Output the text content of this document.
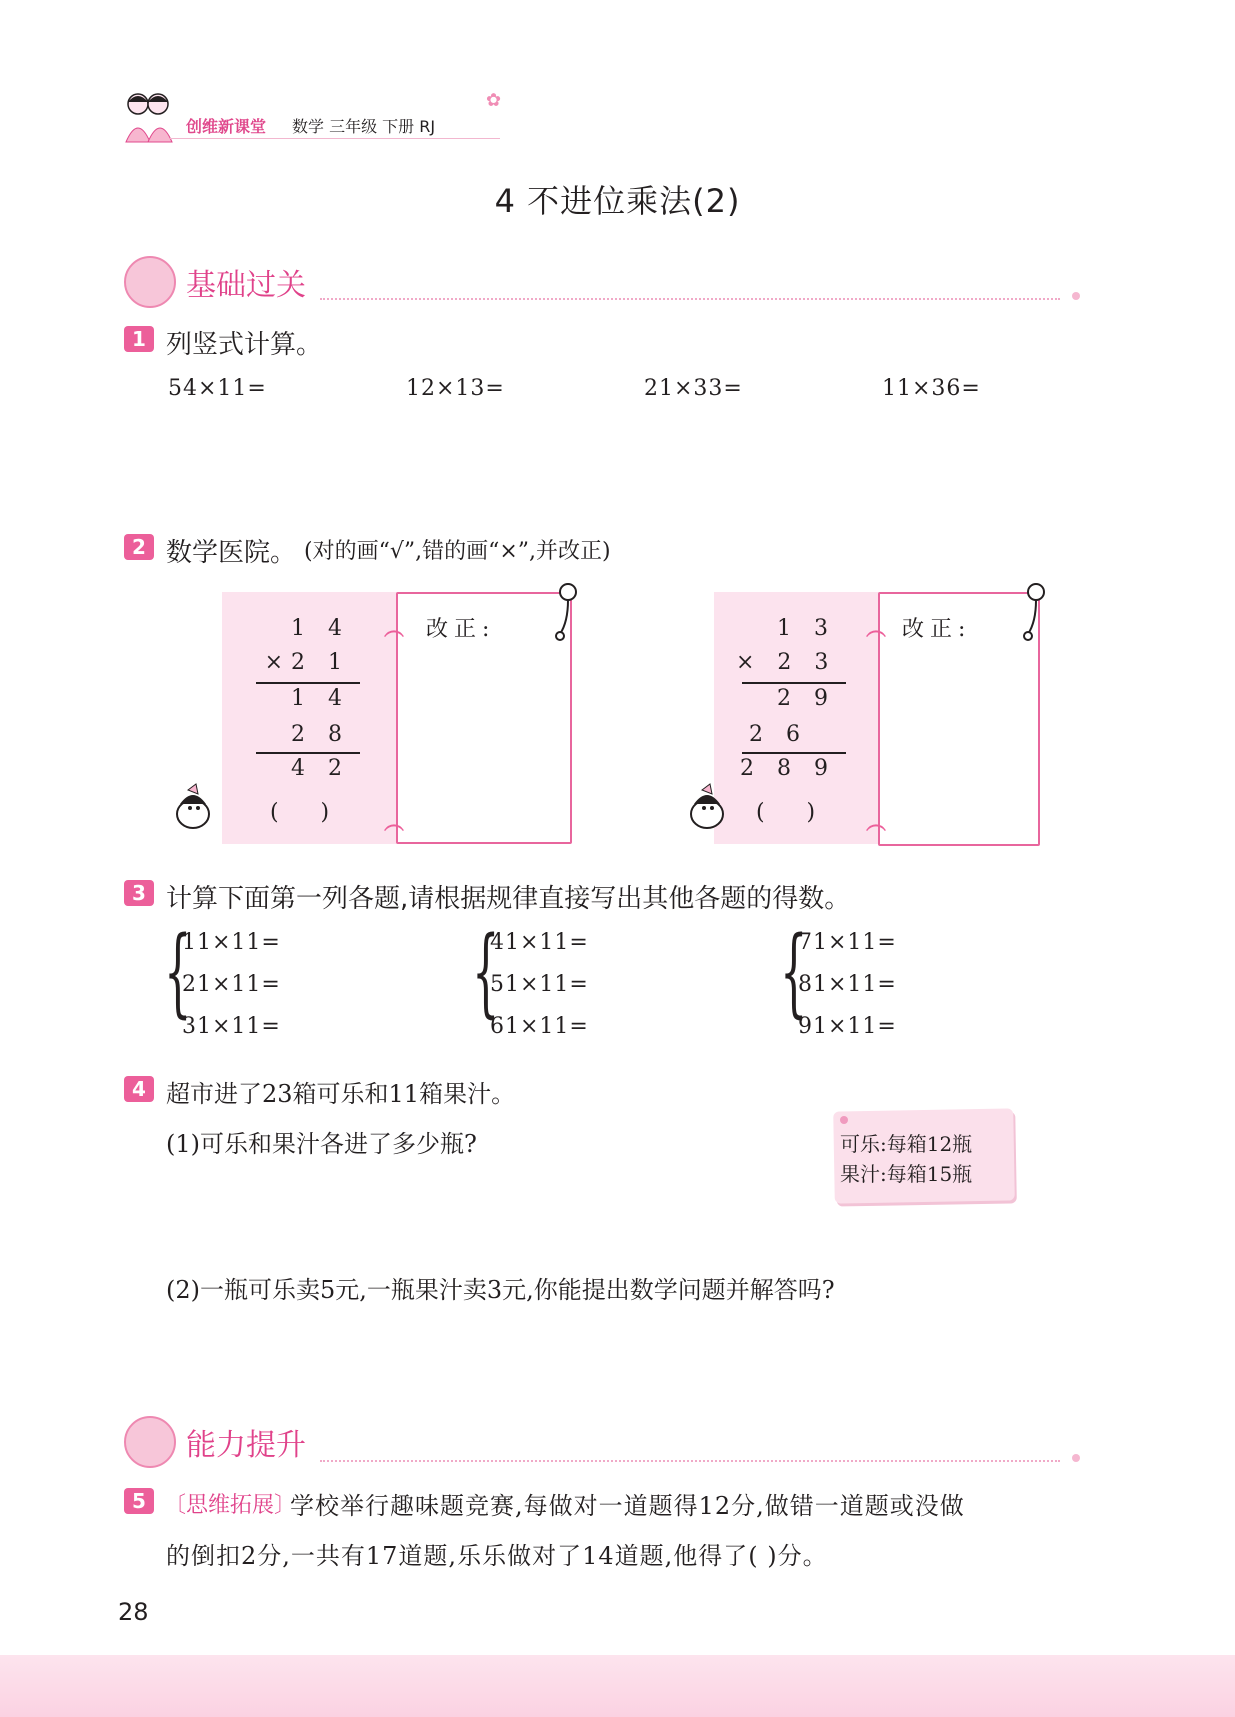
创维新课堂 数学 三年级 下册 RJ
✿
4 不进位乘法(2)
基础过关
1 列竖式计算。
54×11=	12×13=	21×33=	11×36=
2 数学医院。 (对的画“√”,错的画“×”,并改正)
1 4
×2 1
1 4
2 8
4 2
(      )
︵
︵
改正:	1 3
× 2 3
2 9
2 6
2 8 9
(      )
︵
︵
改正:
3 计算下面第一列各题,请根据规律直接写出其他各题的得数。
{
11×11=
21×11=
31×11= {
41×11=
51×11=
61×11= {
71×11=
81×11=
91×11=
4 超市进了23箱可乐和11箱果汁。
(1)可乐和果汁各进了多少瓶?	可乐:每箱12瓶
果汁:每箱15瓶
(2)一瓶可乐卖5元,一瓶果汁卖3元,你能提出数学问题并解答吗?
能力提升
5 〔思维拓展〕
学校举行趣味题竞赛,每做对一道题得12分,做错一道题或没做
的倒扣2分,一共有17道题,乐乐做对了14道题,他得了( )分。
28
